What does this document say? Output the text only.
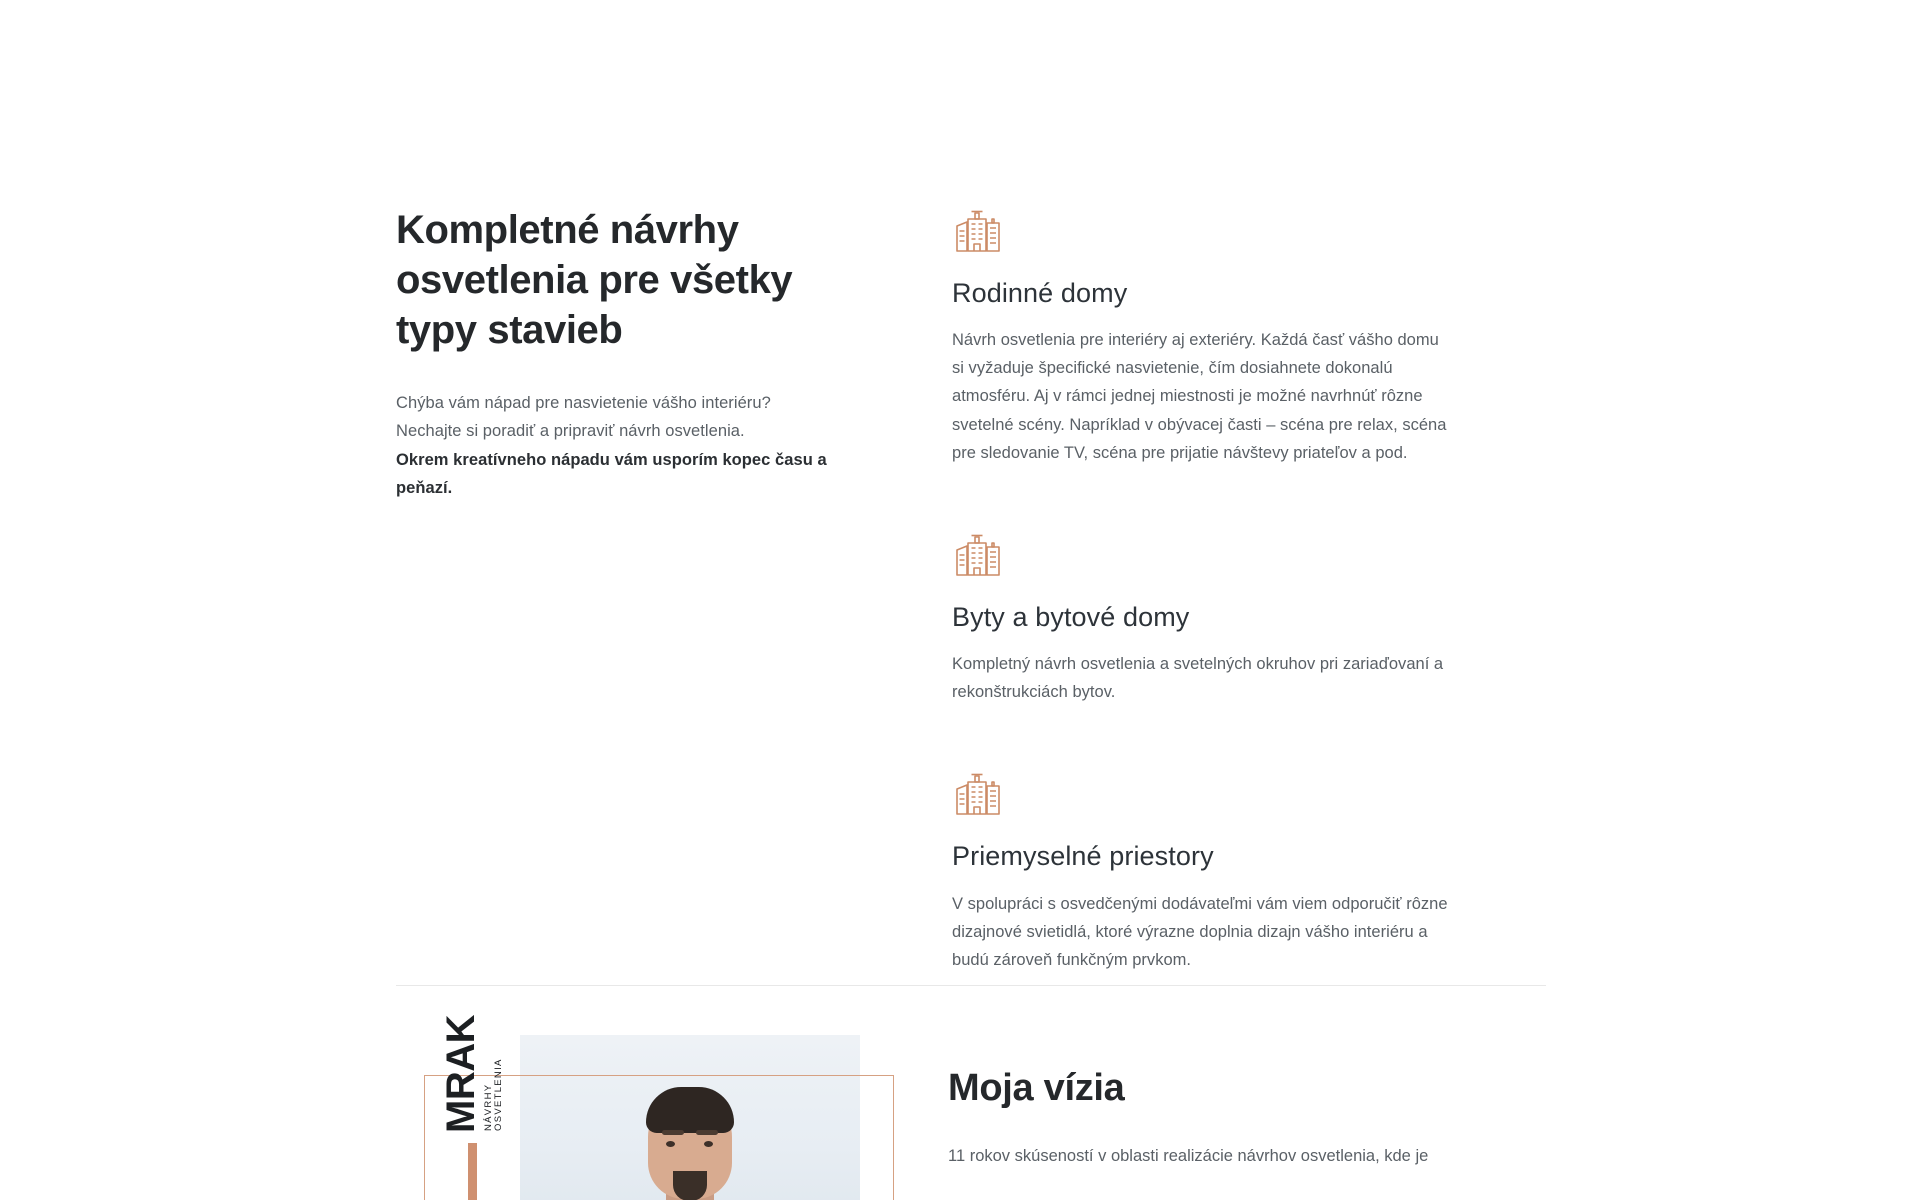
Kompletné návrhy osvetlenia pre všetky typy stavieb
Chýba vám nápad pre nasvietenie vášho interiéru?
Nechajte si poradiť a pripraviť návrh osvetlenia.
Okrem kreatívneho nápadu vám usporím kopec času a peňazí.
Rodinné domy

Návrh osvetlenia pre interiéry aj exteriéry. Každá časť vášho domu si vyžaduje špecifické nasvietenie, čím dosiahnete dokonalú atmosféru. Aj v rámci jednej miestnosti je možné navrhnúť rôzne svetelné scény. Napríklad v obývacej časti – scéna pre relax, scéna pre sledovanie TV, scéna pre prijatie návštevy priateľov a pod.

Byty a bytové domy

Kompletný návrh osvetlenia a svetelných okruhov pri zariaďovaní a rekonštrukciách bytov.

Priemyselné priestory

V spolupráci s osvedčenými dodávateľmi vám viem odporučiť rôzne dizajnové svietidlá, ktoré výrazne doplnia dizajn vášho interiéru a budú zároveň funkčným prvkom.

MRAK NÁVRHY OSVETLENIA	Moja vízia

11 rokov skúseností v oblasti realizácie návrhov osvetlenia, kde je
